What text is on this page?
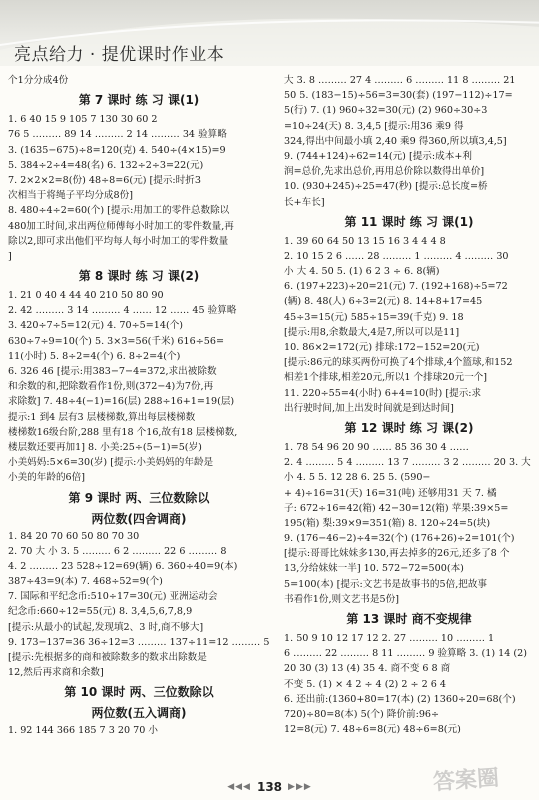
亮点给力 · 提优课时作业本
个1分分成4份
第 7 课时 练 习 课(1)
1. 6 40 15 9 105 7 130 30 60 2
76 5 ……… 89 14 ……… 2 14 ……… 34 验算略
3. (1635−675)÷8=120(克) 4. 540÷(4×15)=9
5. 384÷2÷4=48(名) 6. 132÷2÷3=22(元)
7. 2×2×2=8(份) 48÷8=6(元) [提示:时折3
次相当于将绳子平均分成8份]
8. 480÷4÷2=60(个) [提示:用加工的零件总数除以
480加工时间,求出两位师傅每小时加工的零件数量,再
除以2,即可求出他们平均每人每小时加工的零件数量
]
第 8 课时 练 习 课(2)
1. 21 0 40 4 44 40 210 50 80 90
2. 42 ……… 3 14 ……… 4 …… 12 …… 45 验算略
3. 420÷7÷5=12(元) 4. 70÷5=14(个)
630÷7÷9=10(个) 5. 3×3=56(千米) 616÷56=
11(小时) 5. 8÷2=4(个) 6. 8÷2=4(个)
6. 326 46 [提示:用383−7−4=372,求出被除数
和余数的和,把除数看作1份,则(372−4)为7份,再
求除数] 7. 48÷4(−1)=16(层) 288÷16+1=19(层)
提示:1 到4 层有3 层楼梯数,算出每层楼梯数
楼梯数16级台阶,288 里有18 个16,故有18 层楼梯数,
楼层数还要再加1] 8. 小美:25÷(5−1)=5(岁)
小美妈妈:5×6=30(岁) [提示:小美妈妈的年龄是
小美的年龄的6倍]
第 9 课时 两、三位数除以
两位数(四舍调商)
1. 84 20 70 60 50 80 70 30
2. 70 大 小 3. 5 ……… 6 2 ……… 22 6 ……… 8
4. 2 ……… 23 528÷12=69(辆) 6. 360÷40=9(本)
387÷43=9(本) 7. 468÷52=9(个)
7. 国际和平纪念币:510÷17=30(元) 亚洲运动会
纪念币:660÷12=55(元) 8. 3,4,5,6,7,8,9
[提示:从最小的试起,发现填2、3 时,商不够大]
9. 173−137=36 36÷12=3 ……… 137÷11=12 ……… 5
[提示:先根据多的商和被除数多的数求出除数是
12,然后再求商和余数]
第 10 课时 两、三位数除以
两位数(五入调商)
1. 92 144 366 185 7 3 20 70 小
大 3. 8 ……… 27 4 ……… 6 ……… 11 8 ……… 21
50 5. (183−15)÷56=3=30(套) (197−112)÷17=
5(行) 7. (1) 960÷32=30(元) (2) 960÷30÷3
=10÷24(天) 8. 3,4,5 [提示:用36 乘9 得
324,得出中间最小填 2,40 乘9 得360,所以填3,4,5]
9. (744+124)÷62=14(元) [提示:成本+利
润=总价,先求出总价,再用总价除以数得出单价]
10. (930+245)÷25=47(秒) [提示:总长度=桥
长+车长]
第 11 课时 练 习 课(1)
1. 39 60 64 50 13 15 16 3 4 4 4 8
2. 10 15 2 6 …… 28 ……… 1 ……… 4 ……… 30
小 大 4. 50 5. (1) 6 2 3 ÷ 6. 8(辆)
6. (197+223)÷20=21(元) 7. (192+168)÷5=72
(辆) 8. 48(人) 6÷3=2(元) 8. 14+8+17=45
45÷3=15(元) 585÷15=39(千克) 9. 18
[提示:用8,余数最大,4是7,所以可以是11]
10. 86×2=172(元) 排球:172−152=20(元)
[提示:86元的球买两份可换了4个排球,4个篮球,和152
相差1个排球,相差20元,所以1 个排球20元一个]
11. 220÷55=4(小时) 6+4=10(时) [提示:求
出行驶时间,加上出发时间就是到达时间]
第 12 课时 练 习 课(2)
1. 78 54 96 20 90 …… 85 36 30 4 ……
2. 4 ……… 5 4 ……… 13 7 ……… 3 2 ……… 20 3. 大
小 4. 5 5. 12 28 6. 25 5. (590−
+ 4)÷16=31(天) 16=31(吨) 还够用31 天 7. 橘
子: 672÷16=42(箱) 42−30=12(箱) 苹果:39×5=
195(箱) 梨:39×9=351(箱) 8. 120÷24=5(块)
9. (176−46−2)÷4=32(个) (176+26)÷2=101(个)
[提示:哥哥比妹妹多130,再去掉多的26元,还多了8 个
13,分给妹妹一半] 10. 572−72=500(本)
5=100(本) [提示:文艺书是故事书的5倍,把故事
书看作1份,则文艺书是5份]
第 13 课时 商不变规律
1. 50 9 10 12 17 12 2. 27 ……… 10 ……… 1
6 ……… 22 ……… 8 11 ……… 9 验算略 3. (1) 14 (2)
20 30 (3) 13 (4) 35 4. 商不变 6 8 商
不变 5. (1) × 4 2 ÷ 4 (2) 2 ÷ 2 6 4
6. 还出前:(1360+80=17(本) (2) 1360÷20=68(个)
720)÷80=8(本) 5(个) 降价前:96÷
12=8(元) 7. 48÷6=8(元) 48÷6=8(元)
◀◀◀ 138 ▶▶▶	答案圈
